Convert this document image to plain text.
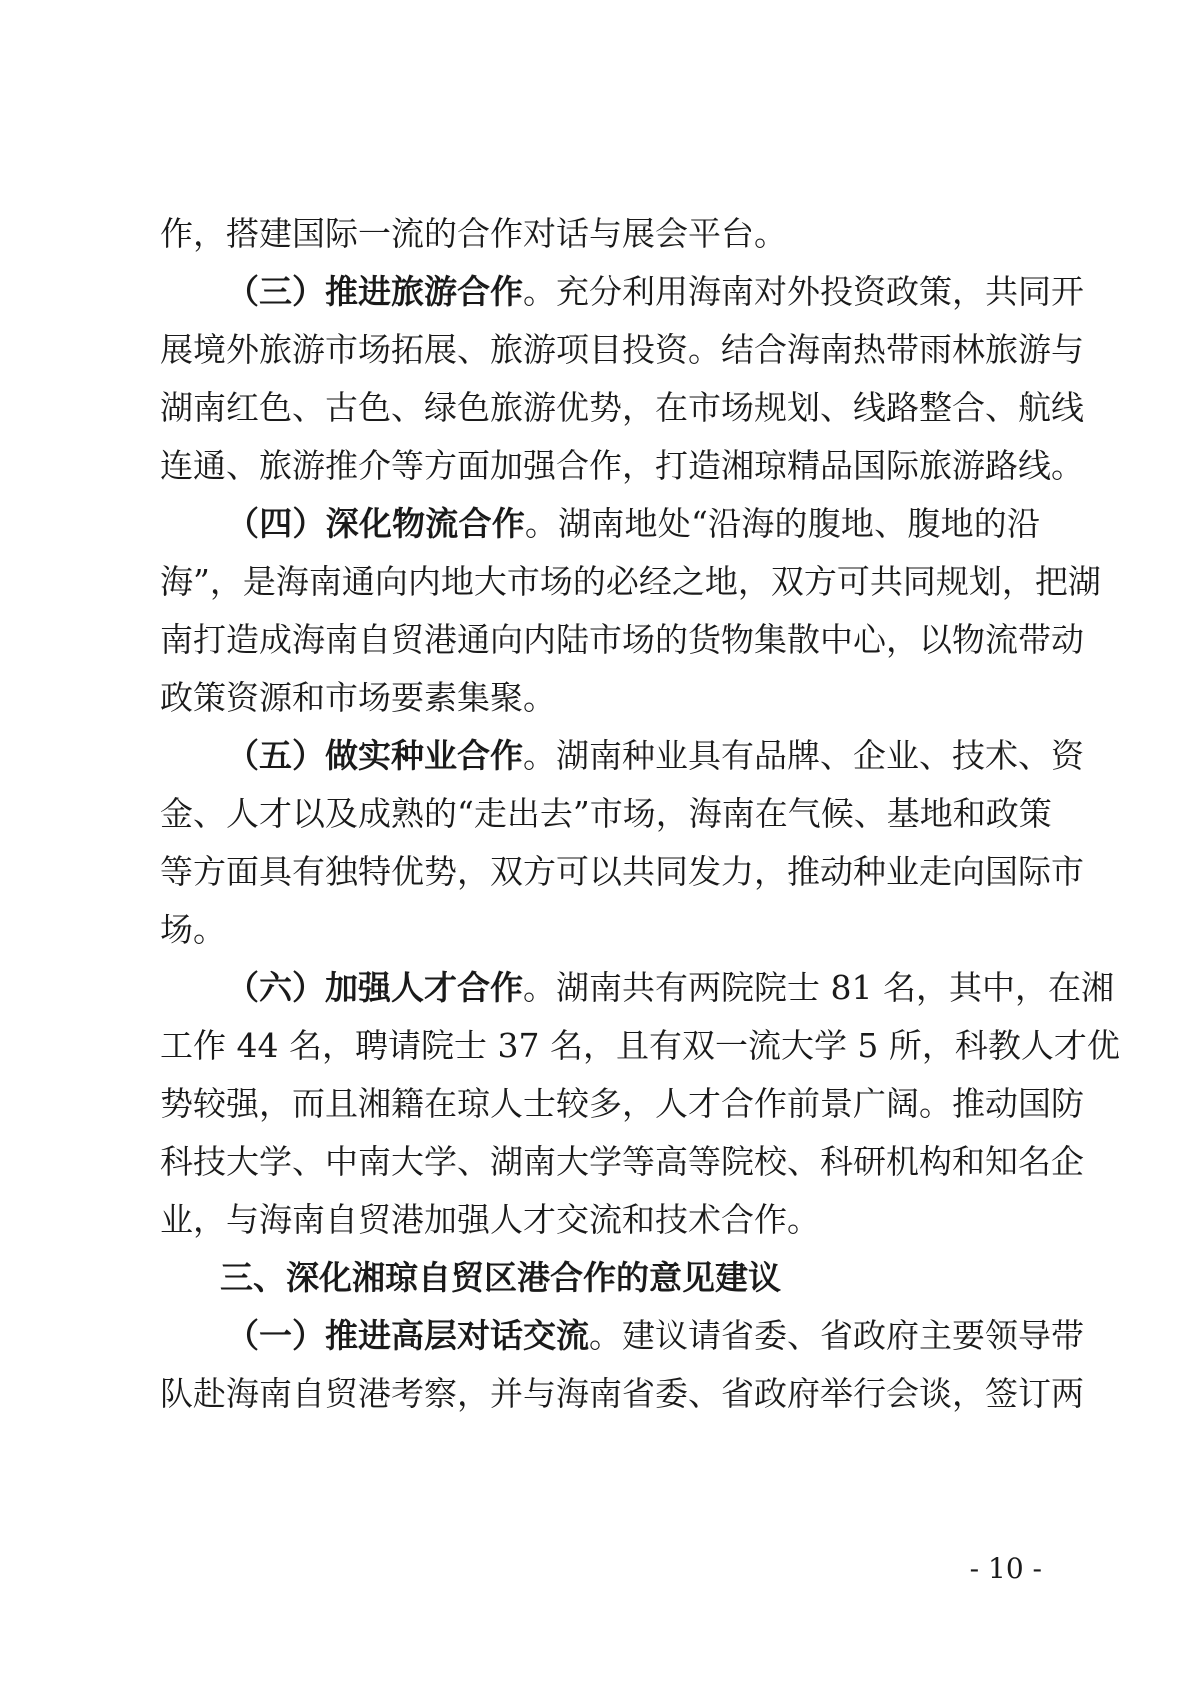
作，搭建国际一流的合作对话与展会平台。
（三）推进旅游合作。充分利用海南对外投资政策，共同开
展境外旅游市场拓展、旅游项目投资。结合海南热带雨林旅游与
湖南红色、古色、绿色旅游优势，在市场规划、线路整合、航线
连通、旅游推介等方面加强合作，打造湘琼精品国际旅游路线。
（四）深化物流合作。湖南地处“沿海的腹地、腹地的沿
海”，是海南通向内地大市场的必经之地，双方可共同规划，把湖
南打造成海南自贸港通向内陆市场的货物集散中心，以物流带动
政策资源和市场要素集聚。
（五）做实种业合作。湖南种业具有品牌、企业、技术、资
金、人才以及成熟的“走出去”市场，海南在气候、基地和政策
等方面具有独特优势，双方可以共同发力，推动种业走向国际市
场。
（六）加强人才合作。湖南共有两院院士 81 名，其中，在湘
工作 44 名，聘请院士 37 名，且有双一流大学 5 所，科教人才优
势较强，而且湘籍在琼人士较多，人才合作前景广阔。推动国防
科技大学、中南大学、湖南大学等高等院校、科研机构和知名企
业，与海南自贸港加强人才交流和技术合作。
三、深化湘琼自贸区港合作的意见建议
（一）推进高层对话交流。建议请省委、省政府主要领导带
队赴海南自贸港考察，并与海南省委、省政府举行会谈，签订两
- 10 -
